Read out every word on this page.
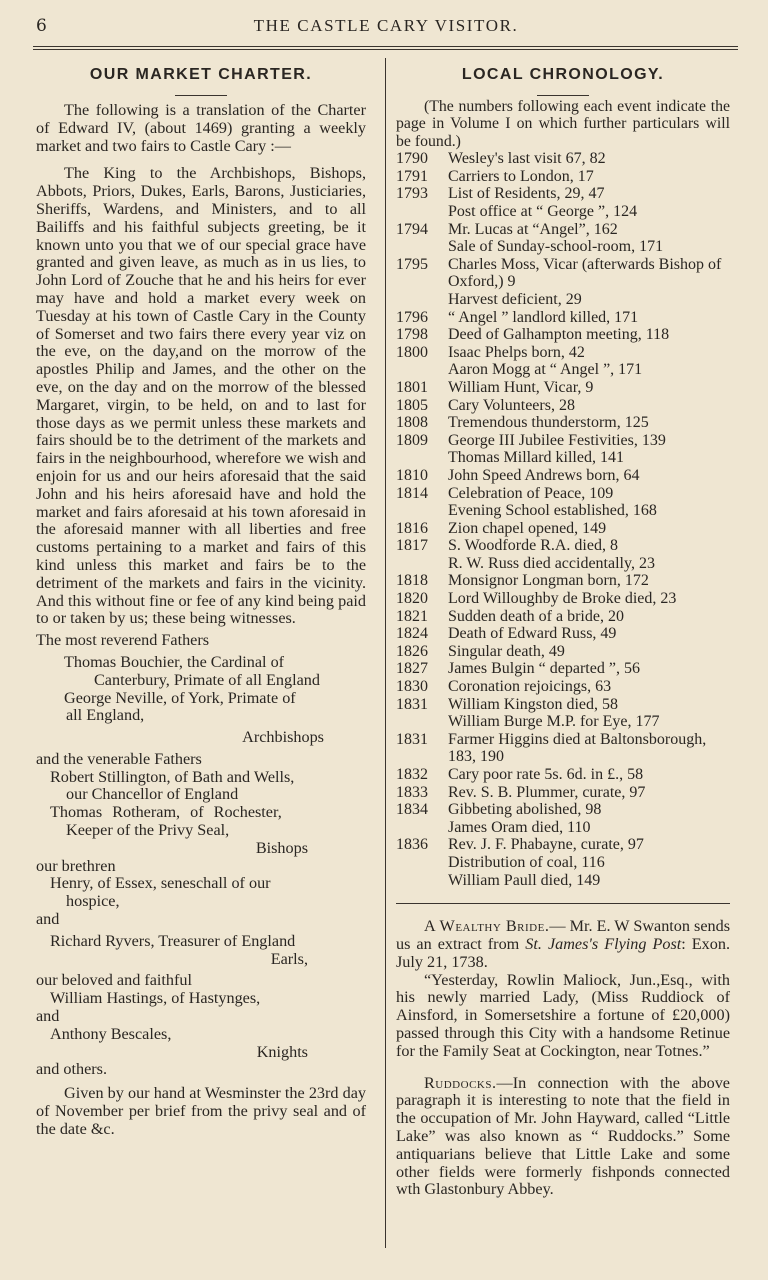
6	THE CASTLE CARY VISITOR.
OUR MARKET CHARTER.

The following is a translation of the Charter of Edward IV, (about 1469) granting a weekly market and two fairs to Castle Cary :—

The King to the Archbishops, Bishops, Abbots, Priors, Dukes, Earls, Barons, Justiciaries, Sheriffs, Wardens, and Ministers, and to all Bailiffs and his faithful subjects greeting, be it known unto you that we of our special grace have granted and given leave, as much as in us lies, to John Lord of Zouche that he and his heirs for ever may have and hold a market every week on Tuesday at his town of Castle Cary in the County of Somerset and two fairs there every year viz on the eve, on the day,and on the morrow of the apostles Philip and James, and the other on the eve, on the day and on the morrow of the blessed Margaret, virgin, to be held, on and to last for those days as we permit unless these markets and fairs should be to the detriment of the markets and fairs in the neighbourhood, wherefore we wish and enjoin for us and our heirs aforesaid that the said John and his heirs aforesaid have and hold the market and fairs aforesaid at his town aforesaid in the aforesaid manner with all liberties and free customs pertaining to a market and fairs of this kind unless this market and fairs be to the detriment of the markets and fairs in the vicinity. And this without fine or fee of any kind being paid to or taken by us; these being witnesses.

The most reverend Fathers

Thomas Bouchier, the Cardinal of

Canterbury, Primate of all England

George Neville, of York, Primate of

all England,

Archbishops

and the venerable Fathers

Robert Stillington, of Bath and Wells,

our Chancellor of England

Thomas Rotheram, of Rochester,

Keeper of the Privy Seal,

Bishops

our brethren

Henry, of Essex, seneschall of our

hospice,

and

Richard Ryvers, Treasurer of England

Earls,

our beloved and faithful

William Hastings, of Hastynges,

and

Anthony Bescales,

Knights

and others.

Given by our hand at Wesminster the 23rd day of November per brief from the privy seal and of the date &c.

LOCAL CHRONOLOGY.

(The numbers following each event indicate the page in Volume I on which further particulars will be found.)

1790	Wesley's last visit 67, 82
1791	Carriers to London, 17
1793	List of Residents, 29, 47
	Post office at “ George ”, 124
1794	Mr. Lucas at “Angel”, 162
	Sale of Sunday-school-room, 171
1795	Charles Moss, Vicar (afterwards Bishop of Oxford,) 9
	Harvest deficient, 29
1796	“ Angel ” landlord killed, 171
1798	Deed of Galhampton meeting, 118
1800	Isaac Phelps born, 42
	Aaron Mogg at “ Angel ”, 171
1801	William Hunt, Vicar, 9
1805	Cary Volunteers, 28
1808	Tremendous thunderstorm, 125
1809	George III Jubilee Festivities, 139
	Thomas Millard killed, 141
1810	John Speed Andrews born, 64
1814	Celebration of Peace, 109
	Evening School established, 168
1816	Zion chapel opened, 149
1817	S. Woodforde R.A. died, 8
	R. W. Russ died accidentally, 23
1818	Monsignor Longman born, 172
1820	Lord Willoughby de Broke died, 23
1821	Sudden death of a bride, 20
1824	Death of Edward Russ, 49
1826	Singular death, 49
1827	James Bulgin “ departed ”, 56
1830	Coronation rejoicings, 63
1831	William Kingston died, 58
	William Burge M.P. for Eye, 177
1831	Farmer Higgins died at Baltonsborough, 183, 190
1832	Cary poor rate 5s. 6d. in £., 58
1833	Rev. S. B. Plummer, curate, 97
1834	Gibbeting abolished, 98
	James Oram died, 110
1836	Rev. J. F. Phabayne, curate, 97
	Distribution of coal, 116
	William Paull died, 149

A Wealthy Bride.— Mr. E. W Swanton sends us an extract from St. James's Flying Post: Exon. July 21, 1738.

“Yesterday, Rowlin Maliock, Jun.,Esq., with his newly married Lady, (Miss Ruddiock of Ainsford, in Somersetshire a fortune of £20,000) passed through this City with a handsome Retinue for the Family Seat at Cockington, near Totnes.”

Ruddocks.—In connection with the above paragraph it is interesting to note that the field in the occupation of Mr. John Hayward, called “Little Lake” was also known as “ Ruddocks.” Some antiquarians believe that Little Lake and some other fields were formerly fishponds connected wth Glastonbury Abbey.
